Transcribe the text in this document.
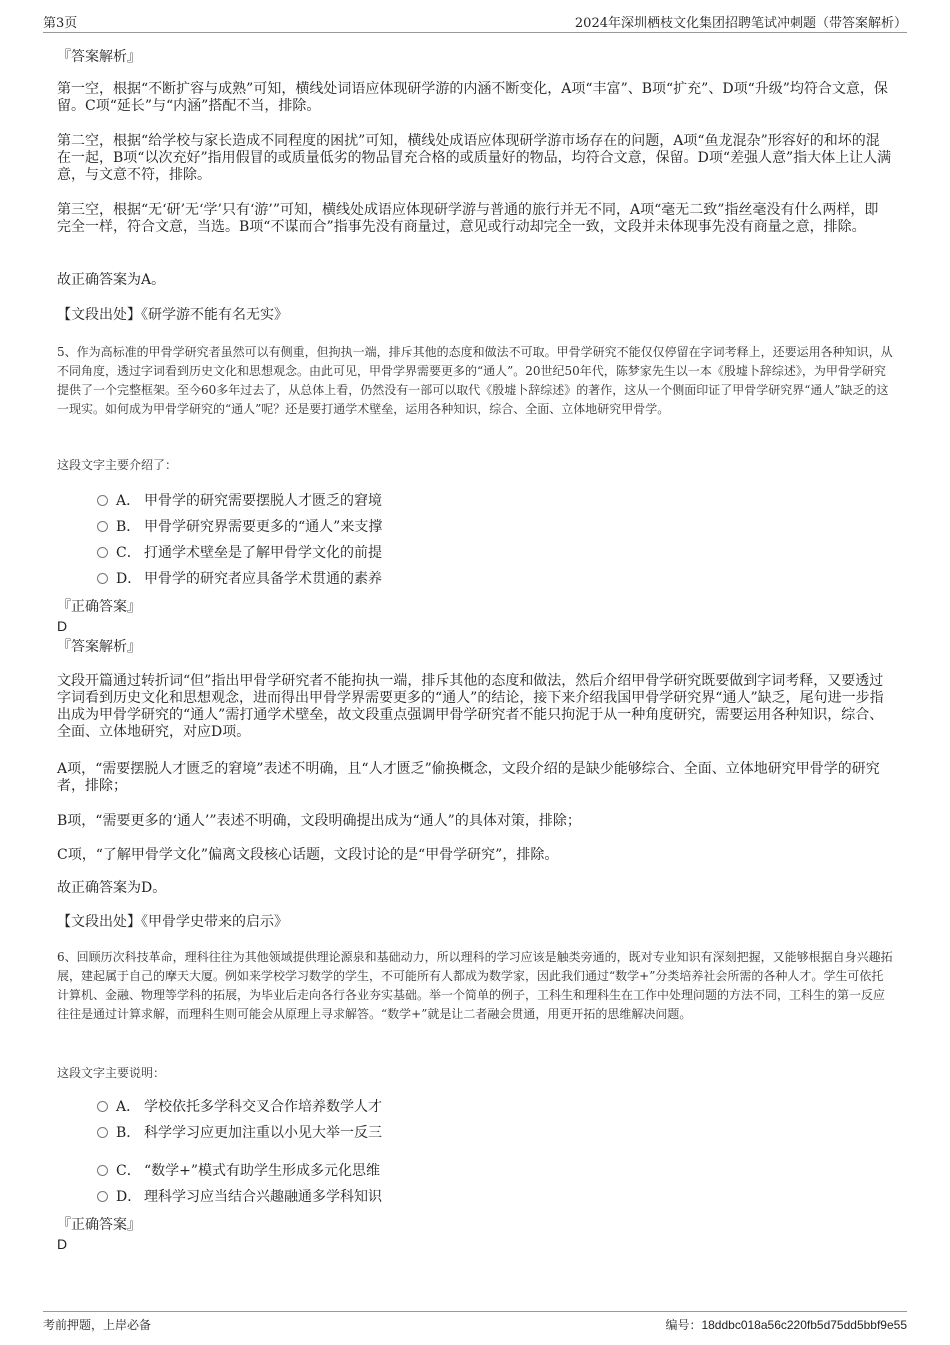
第3页	2024年深圳栖枝文化集团招聘笔试冲刺题（带答案解析）
『答案解析』

第一空，根据“不断扩容与成熟”可知，横线处词语应体现研学游的内涵不断变化，A项“丰富”、B项“扩充”、D项“升级”均符合文意，保留。C项“延长”与“内涵”搭配不当，排除。

第二空，根据“给学校与家长造成不同程度的困扰”可知，横线处成语应体现研学游市场存在的问题，A项“鱼龙混杂”形容好的和坏的混在一起，B项“以次充好”指用假冒的或质量低劣的物品冒充合格的或质量好的物品，均符合文意，保留。D项“差强人意”指大体上让人满意，与文意不符，排除。

第三空，根据“无‘研’无‘学’只有‘游’”可知，横线处成语应体现研学游与普通的旅行并无不同，A项“毫无二致”指丝毫没有什么两样，即完全一样，符合文意，当选。B项“不谋而合”指事先没有商量过，意见或行动却完全一致，文段并未体现事先没有商量之意，排除。

故正确答案为A。
【文段出处】《研学游不能有名无实》

5、作为高标准的甲骨学研究者虽然可以有侧重，但拘执一端，排斥其他的态度和做法不可取。甲骨学研究不能仅仅停留在字词考释上，还要运用各种知识，从不同角度，透过字词看到历史文化和思想观念。由此可见，甲骨学界需要更多的“通人”。20世纪50年代，陈梦家先生以一本《殷墟卜辞综述》，为甲骨学研究提供了一个完整框架。至今60多年过去了，从总体上看，仍然没有一部可以取代《殷墟卜辞综述》的著作，这从一个侧面印证了甲骨学研究界“通人”缺乏的这一现实。如何成为甲骨学研究的“通人”呢？还是要打通学术壁垒，运用各种知识，综合、全面、立体地研究甲骨学。

这段文字主要介绍了：
A． 甲骨学的研究需要摆脱人才匮乏的窘境
B． 甲骨学研究界需要更多的“通人”来支撑
C． 打通学术壁垒是了解甲骨学文化的前提
D． 甲骨学的研究者应具备学术贯通的素养
『正确答案』
D
『答案解析』

文段开篇通过转折词“但”指出甲骨学研究者不能拘执一端，排斥其他的态度和做法，然后介绍甲骨学研究既要做到字词考释，又要透过字词看到历史文化和思想观念，进而得出甲骨学界需要更多的“通人”的结论，接下来介绍我国甲骨学研究界“通人”缺乏，尾句进一步指出成为甲骨学研究的“通人”需打通学术壁垒，故文段重点强调甲骨学研究者不能只拘泥于从一种角度研究，需要运用各种知识，综合、全面、立体地研究，对应D项。

A项，“需要摆脱人才匮乏的窘境”表述不明确，且“人才匮乏”偷换概念，文段介绍的是缺少能够综合、全面、立体地研究甲骨学的研究者，排除；

B项，“需要更多的‘通人’”表述不明确，文段明确提出成为“通人”的具体对策，排除；

C项，“了解甲骨学文化”偏离文段核心话题，文段讨论的是“甲骨学研究”，排除。

故正确答案为D。
【文段出处】《甲骨学史带来的启示》

6、回顾历次科技革命，理科往往为其他领域提供理论源泉和基础动力，所以理科的学习应该是触类旁通的，既对专业知识有深刻把握，又能够根据自身兴趣拓展，建起属于自己的摩天大厦。例如来学校学习数学的学生，不可能所有人都成为数学家，因此我们通过“数学+”分类培养社会所需的各种人才。学生可依托计算机、金融、物理等学科的拓展，为毕业后走向各行各业夯实基础。举一个简单的例子，工科生和理科生在工作中处理问题的方法不同，工科生的第一反应往往是通过计算求解，而理科生则可能会从原理上寻求解答。“数学+”就是让二者融会贯通，用更开拓的思维解决问题。

这段文字主要说明：
A． 学校依托多学科交叉合作培养数学人才
B． 科学学习应更加注重以小见大举一反三
C． “数学+”模式有助学生形成多元化思维
D． 理科学习应当结合兴趣融通多学科知识
『正确答案』
D
考前押题，上岸必备	编号：18ddbc018a56c220fb5d75dd5bbf9e55
